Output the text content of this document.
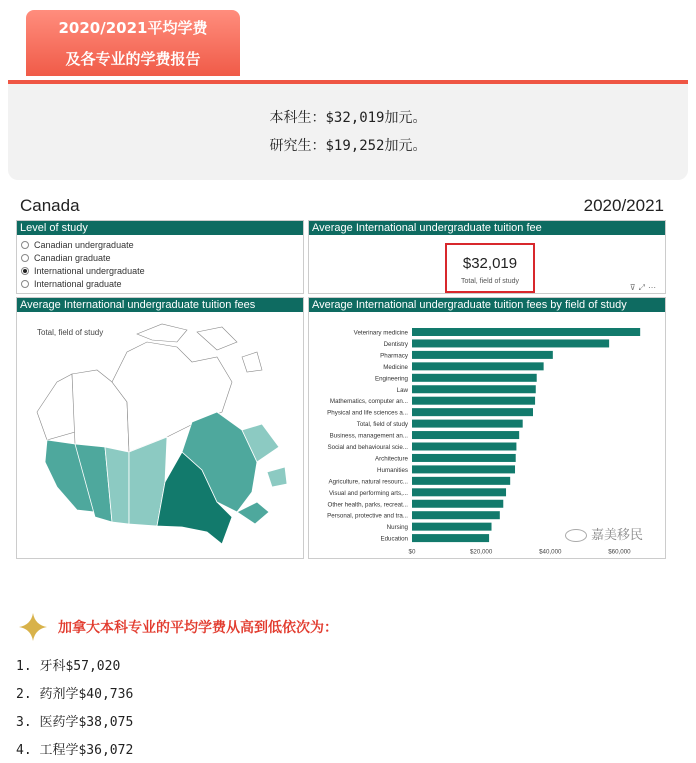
2020/2021平均学费
及各专业的学费报告
本科生：$32,019加元。
研究生：$19,252加元。
Canada	2020/2021
Level of study
Canadian undergraduate
Canadian graduate
International undergraduate
International graduate
Average International undergraduate tuition fee
$32,019
Total, field of study
⊽⤢⋯
Average International undergraduate tuition fees
Total, field of study
Average International undergraduate tuition fees by field of study
Veterinary medicine
Dentistry
Pharmacy
Medicine
Engineering
Law
Mathematics, computer an...
Physical and life sciences a...
Total, field of study
Business, management an...
Social and behavioural scie...
Architecture
Humanities
Agriculture, natural resourc...
Visual and performing arts,...
Other health, parks, recreat...
Personal, protective and tra...
Nursing
Education
$0	$20,000	$40,000	$60,000
嘉美移民
加拿大本科专业的平均学费从高到低依次为：
1. 牙科$57,020
2. 药剂学$40,736
3. 医药学$38,075
4. 工程学$36,072
